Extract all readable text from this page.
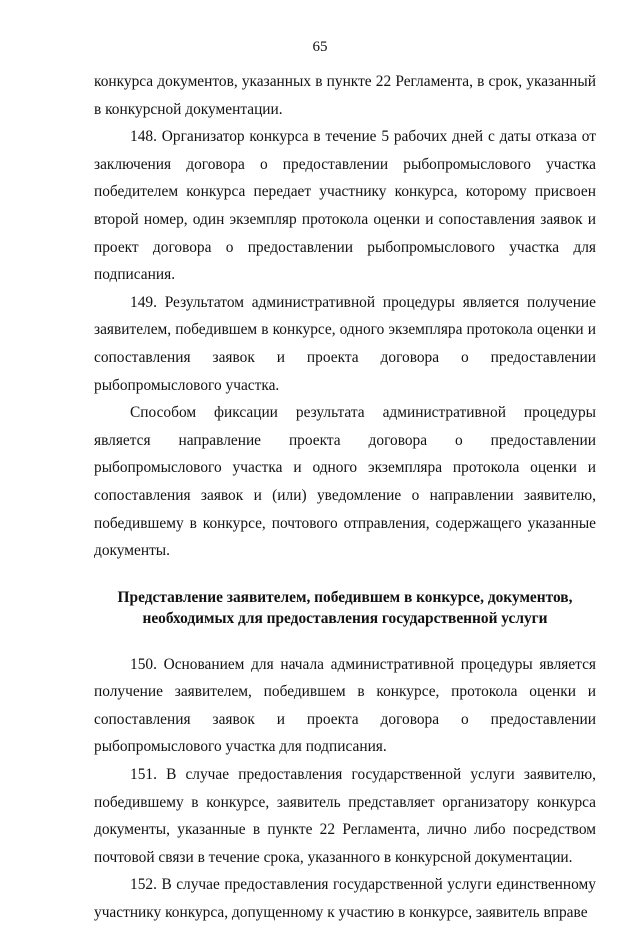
65

конкурса документов, указанных в пункте 22 Регламента, в срок, указанный в конкурсной документации.

148. Организатор конкурса в течение 5 рабочих дней с даты отказа от заключения договора о предоставлении рыбопромыслового участка победителем конкурса передает участнику конкурса, которому присвоен второй номер, один экземпляр протокола оценки и сопоставления заявок и проект договора о предоставлении рыбопромыслового участка для подписания.

149. Результатом административной процедуры является получение заявителем, победившем в конкурсе, одного экземпляра протокола оценки и сопоставления заявок и проекта договора о предоставлении рыбопромыслового участка.

Способом фиксации результата административной процедуры является направление проекта договора о предоставлении рыбопромыслового участка и одного экземпляра протокола оценки и сопоставления заявок и (или) уведомление о направлении заявителю, победившему в конкурсе, почтового отправления, содержащего указанные документы.

Представление заявителем, победившем в конкурсе, документов,
необходимых для предоставления государственной услуги

150. Основанием для начала административной процедуры является получение заявителем, победившем в конкурсе, протокола оценки и сопоставления заявок и проекта договора о предоставлении рыбопромыслового участка для подписания.

151. В случае предоставления государственной услуги заявителю, победившему в конкурсе, заявитель представляет организатору конкурса документы, указанные в пункте 22 Регламента, лично либо посредством почтовой связи в течение срока, указанного в конкурсной документации.

152. В случае предоставления государственной услуги единственному участнику конкурса, допущенному к участию в конкурсе, заявитель вправе
